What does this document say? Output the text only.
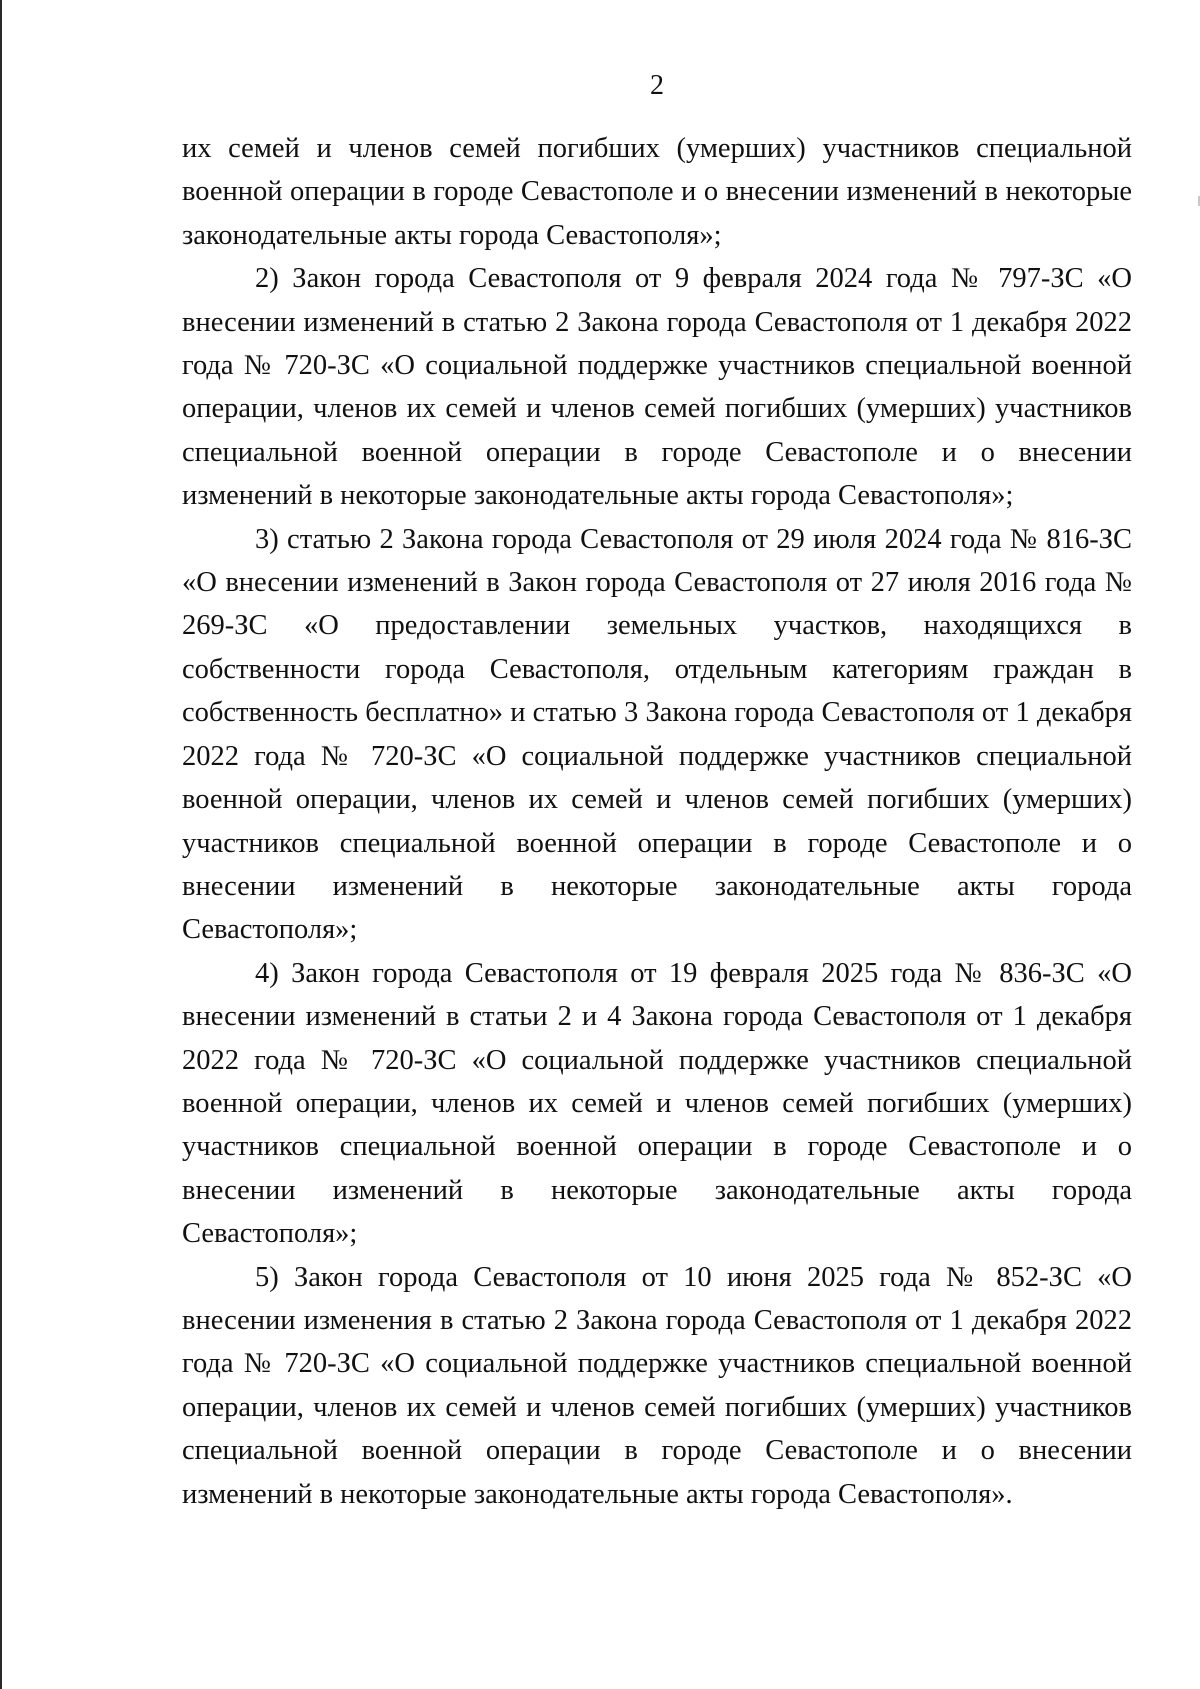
2

их семей и членов семей погибших (умерших) участников специальной военной операции в городе Севастополе и о внесении изменений в некоторые законодательные акты города Севастополя»;

2) Закон города Севастополя от 9 февраля 2024 года № 797-ЗС «О внесении изменений в статью 2 Закона города Севастополя от 1 декабря 2022 года № 720-ЗС «О социальной поддержке участников специальной военной операции, членов их семей и членов семей погибших (умерших) участников специальной военной операции в городе Севастополе и о внесении изменений в некоторые законодательные акты города Севастополя»;

3) статью 2 Закона города Севастополя от 29 июля 2024 года № 816-ЗС «О внесении изменений в Закон города Севастополя от 27 июля 2016 года № 269-ЗС «О предоставлении земельных участков, находящихся в собственности города Севастополя, отдельным категориям граждан в собственность бесплатно» и статью 3 Закона города Севастополя от 1 декабря 2022 года № 720-ЗС «О социальной поддержке участников специальной военной операции, членов их семей и членов семей погибших (умерших) участников специальной военной операции в городе Севастополе и о внесении изменений в некоторые законодательные акты города Севастополя»;

4) Закон города Севастополя от 19 февраля 2025 года № 836-ЗС «О внесении изменений в статьи 2 и 4 Закона города Севастополя от 1 декабря 2022 года № 720-ЗС «О социальной поддержке участников специальной военной операции, членов их семей и членов семей погибших (умерших) участников специальной военной операции в городе Севастополе и о внесении изменений в некоторые законодательные акты города Севастополя»;

5) Закон города Севастополя от 10 июня 2025 года № 852-ЗС «О внесении изменения в статью 2 Закона города Севастополя от 1 декабря 2022 года № 720-ЗС «О социальной поддержке участников специальной военной операции, членов их семей и членов семей погибших (умерших) участников специальной военной операции в городе Севастополе и о внесении изменений в некоторые законодательные акты города Севастополя».
